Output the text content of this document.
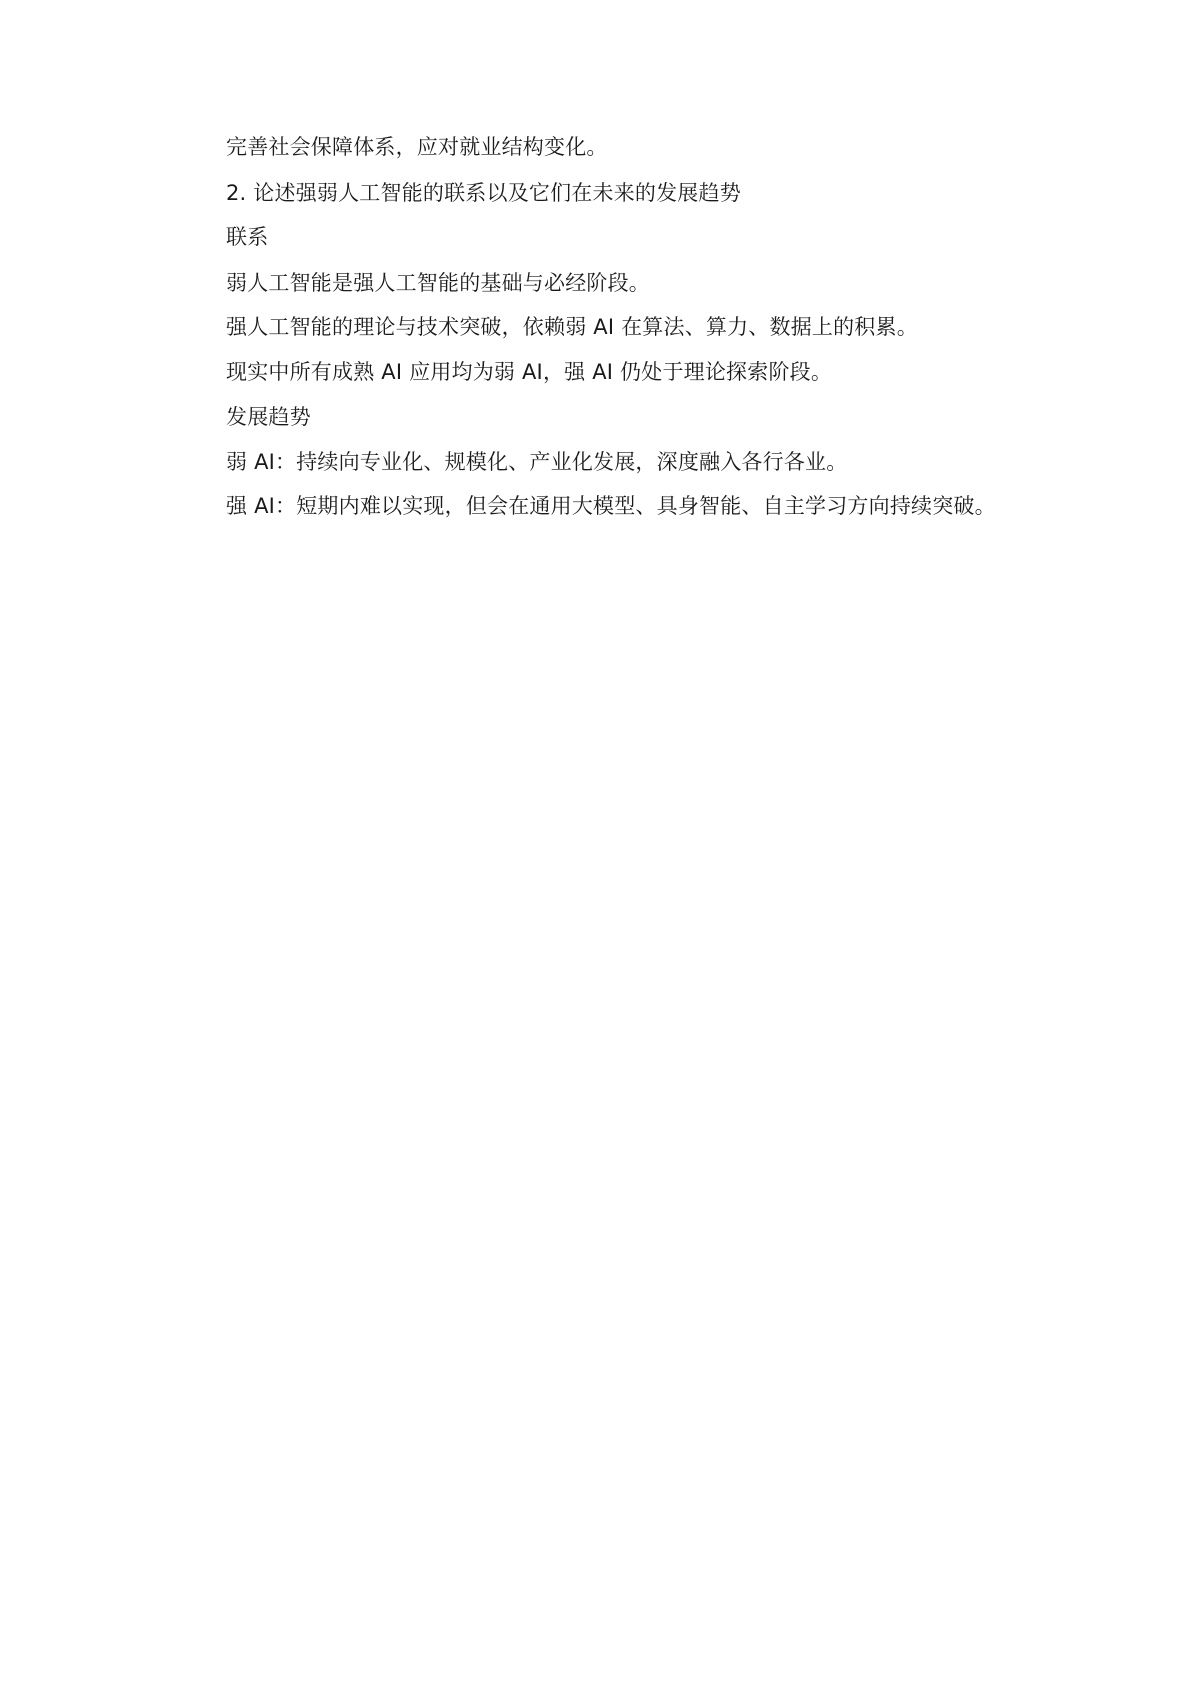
完善社会保障体系，应对就业结构变化。
2. 论述强弱人工智能的联系以及它们在未来的发展趋势
联系
弱人工智能是强人工智能的基础与必经阶段。
强人工智能的理论与技术突破，依赖弱 AI 在算法、算力、数据上的积累。
现实中所有成熟 AI 应用均为弱 AI，强 AI 仍处于理论探索阶段。
发展趋势
弱 AI：持续向专业化、规模化、产业化发展，深度融入各行各业。
强 AI：短期内难以实现，但会在通用大模型、具身智能、自主学习方向持续突破。
